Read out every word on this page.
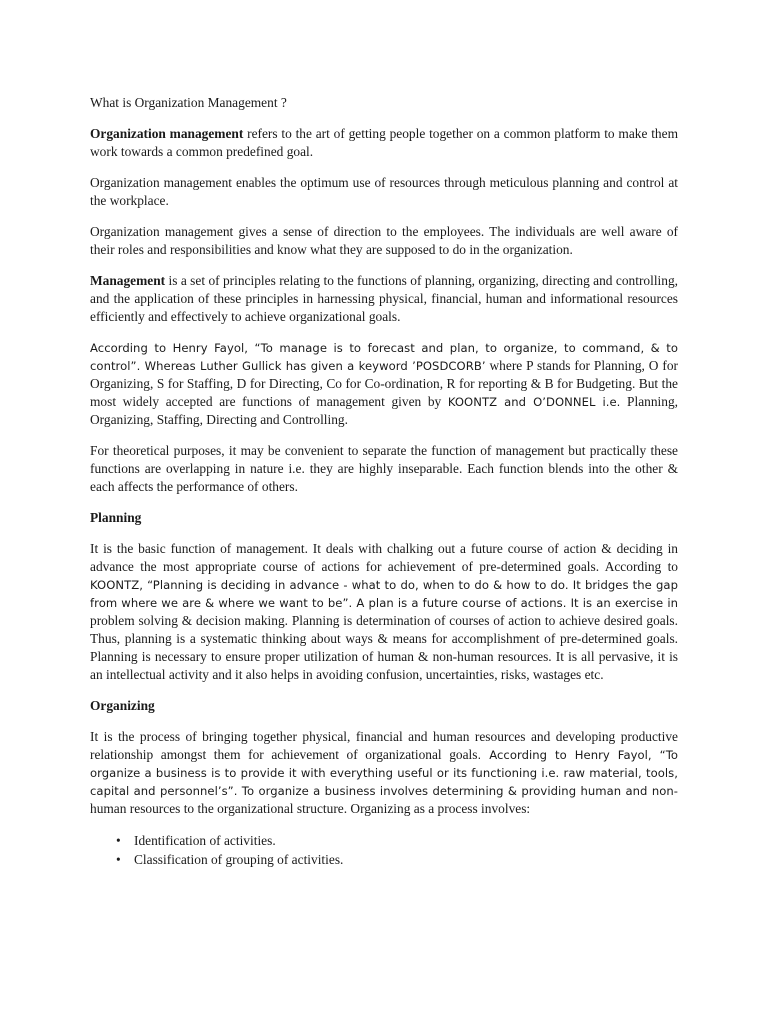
What is Organization Management ?

Organization management refers to the art of getting people together on a common platform to make them work towards a common predefined goal.

Organization management enables the optimum use of resources through meticulous planning and control at the workplace.

Organization management gives a sense of direction to the employees. The individuals are well aware of their roles and responsibilities and know what they are supposed to do in the organization.

Management is a set of principles relating to the functions of planning, organizing, directing and controlling, and the application of these principles in harnessing physical, financial, human and informational resources efficiently and effectively to achieve organizational goals.

According to Henry Fayol, “To manage is to forecast and plan, to organize, to command, & to control”. Whereas Luther Gullick has given a keyword ’POSDCORB’ where P stands for Planning, O for Organizing, S for Staffing, D for Directing, Co for Co-ordination, R for reporting & B for Budgeting. But the most widely accepted are functions of management given by KOONTZ and O’DONNEL i.e. Planning, Organizing, Staffing, Directing and Controlling.

For theoretical purposes, it may be convenient to separate the function of management but practically these functions are overlapping in nature i.e. they are highly inseparable. Each function blends into the other & each affects the performance of others.

Planning

It is the basic function of management. It deals with chalking out a future course of action & deciding in advance the most appropriate course of actions for achievement of pre-determined goals. According to KOONTZ, “Planning is deciding in advance - what to do, when to do & how to do. It bridges the gap from where we are & where we want to be”. A plan is a future course of actions. It is an exercise in problem solving & decision making. Planning is determination of courses of action to achieve desired goals. Thus, planning is a systematic thinking about ways & means for accomplishment of pre-determined goals. Planning is necessary to ensure proper utilization of human & non-human resources. It is all pervasive, it is an intellectual activity and it also helps in avoiding confusion, uncertainties, risks, wastages etc.

Organizing

It is the process of bringing together physical, financial and human resources and developing productive relationship amongst them for achievement of organizational goals. According to Henry Fayol, “To organize a business is to provide it with everything useful or its functioning i.e. raw material, tools, capital and personnel’s”. To organize a business involves determining & providing human and non-human resources to the organizational structure. Organizing as a process involves:

• Identification of activities.
• Classification of grouping of activities.
